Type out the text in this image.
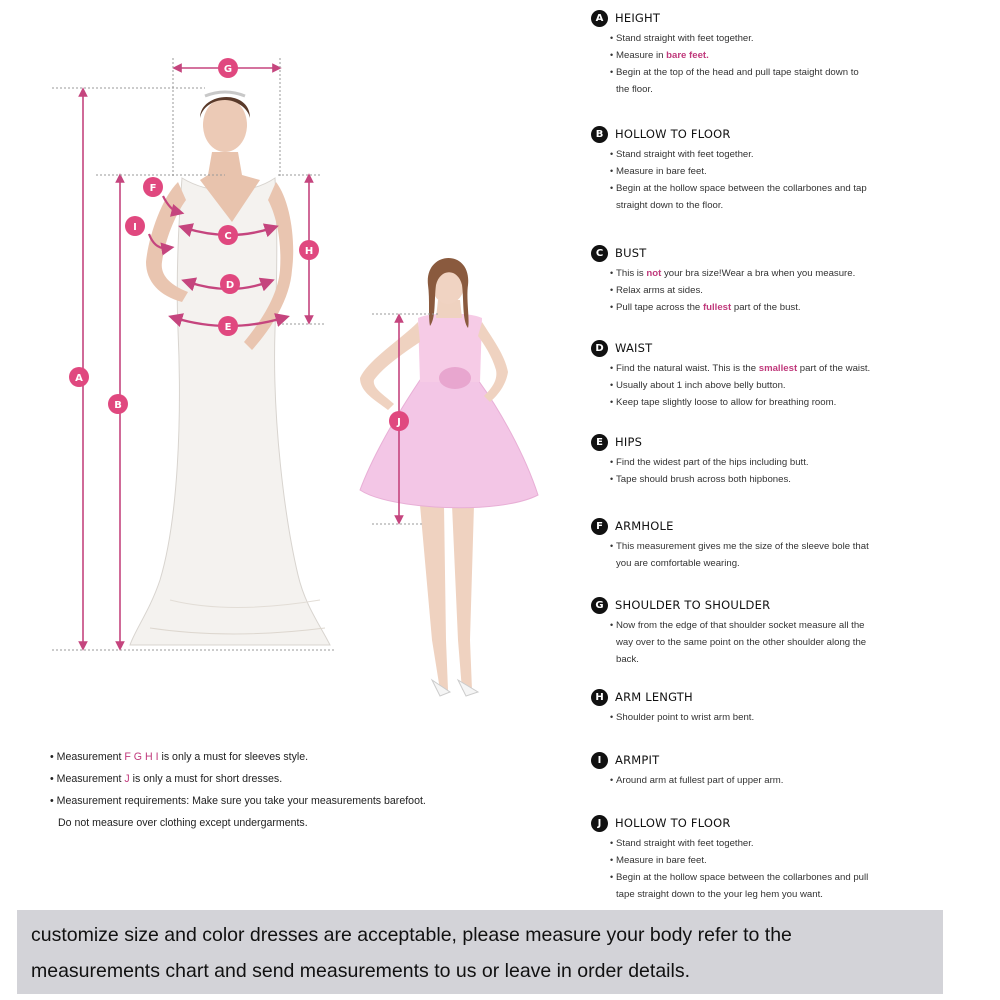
A
B
C
D
E
F
G
H
I
J
A	HEIGHT
• Stand straight with feet together.
• Measure in bare feet.
• Begin at the top of the head and pull tape staight down to
the floor.
B	HOLLOW TO FLOOR
• Stand straight with feet together.
• Measure in bare feet.
• Begin at the hollow space between the collarbones and tap
straight down to the floor.
C	BUST
• This is not your bra size!Wear a bra when you measure.
• Relax arms at sides.
• Pull tape across the fullest part of the bust.
D WAIST
• Find the natural waist. This is the smallest part of the waist.
• Usually about 1 inch above belly button.
• Keep tape slightly loose to allow for breathing room.
E	HIPS
• Find the widest part of the hips including butt.
• Tape should brush across both hipbones.
F	ARMHOLE
• This measurement gives me the size of the sleeve bole that
you are comfortable wearing.
G SHOULDER TO SHOULDER
• Now from the edge of that shoulder socket measure all the
way over to the same point on the other shoulder along the
back.
H ARM LENGTH
• Shoulder point to wrist arm bent.
I	ARMPIT
• Around arm at fullest part of upper arm.
J	HOLLOW TO FLOOR
• Stand straight with feet together.
• Measure in bare feet.
• Begin at the hollow space between the collarbones and pull
tape straight down to the your leg hem you want.

• Measurement F G H I is only a must for sleeves style.

• Measurement J is only a must for short dresses.

• Measurement requirements: Make sure you take your measurements barefoot.

Do not measure over clothing except undergarments.

customize size and color dresses are acceptable, please measure your body refer to the

measurements chart and send measurements to us or leave in order details.
